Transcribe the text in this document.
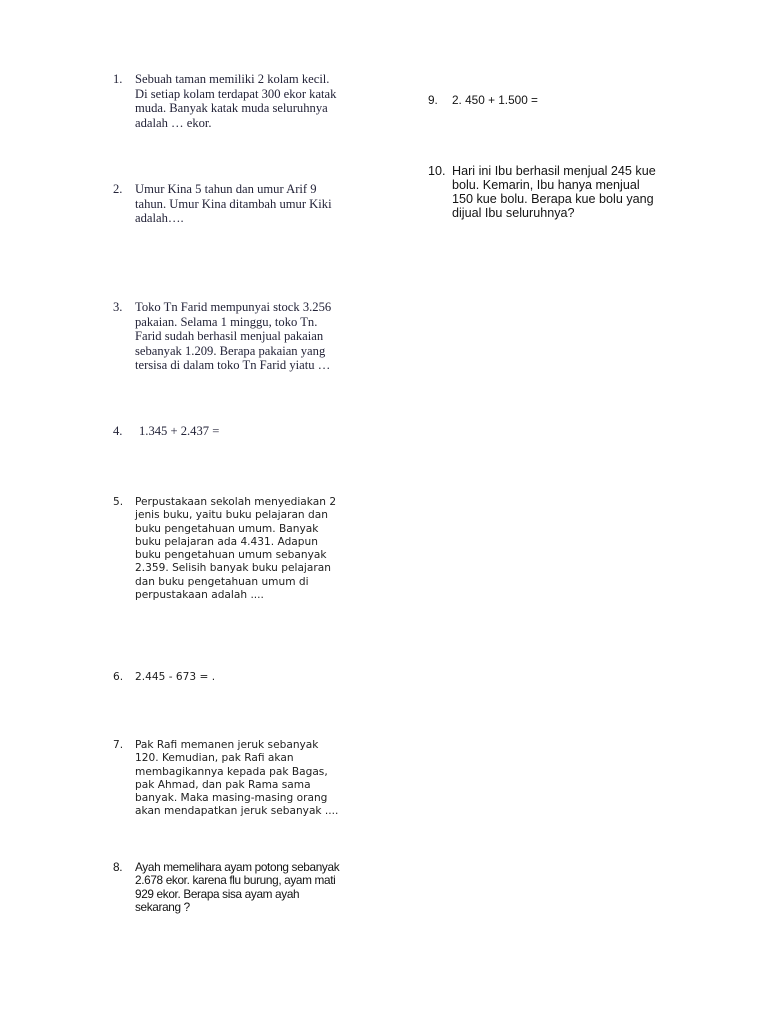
1. Sebuah taman memiliki 2 kolam kecil.
Di setiap kolam terdapat 300 ekor katak
muda. Banyak katak muda seluruhnya
adalah … ekor.
2. Umur Kina 5 tahun dan umur Arif 9
tahun. Umur Kina ditambah umur Kiki
adalah….
3. Toko Tn Farid mempunyai stock 3.256
pakaian. Selama 1 minggu, toko Tn.
Farid sudah berhasil menjual pakaian
sebanyak 1.209. Berapa pakaian yang
tersisa di dalam toko Tn Farid yiatu …
4. 1.345 + 2.437 =
5. Perpustakaan sekolah menyediakan 2
jenis buku, yaitu buku pelajaran dan
buku pengetahuan umum. Banyak
buku pelajaran ada 4.431. Adapun
buku pengetahuan umum sebanyak
2.359. Selisih banyak buku pelajaran
dan buku pengetahuan umum di
perpustakaan adalah ....
6. 2.445 - 673 = .
7. Pak Rafi memanen jeruk sebanyak
120. Kemudian, pak Rafi akan
membagikannya kepada pak Bagas,
pak Ahmad, dan pak Rama sama
banyak. Maka masing-masing orang
akan mendapatkan jeruk sebanyak ....
8. Ayah memelihara ayam potong sebanyak
2.678 ekor. karena flu burung, ayam mati
929 ekor. Berapa sisa ayam ayah
sekarang ?
9. 2. 450 + 1.500 =
10. Hari ini Ibu berhasil menjual 245 kue
bolu. Kemarin, Ibu hanya menjual
150 kue bolu. Berapa kue bolu yang
dijual Ibu seluruhnya?
